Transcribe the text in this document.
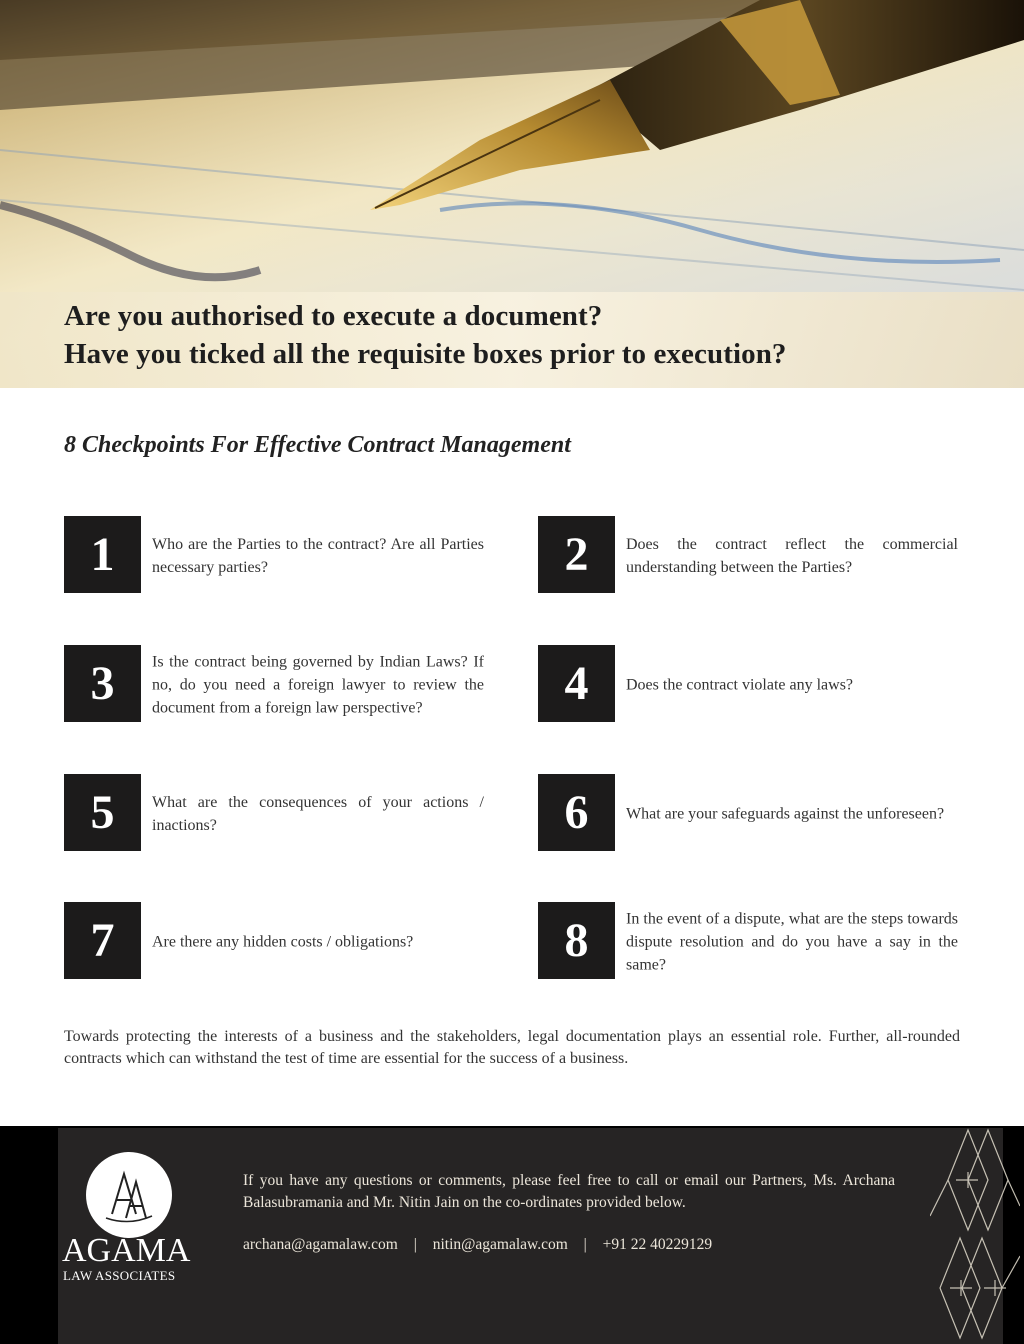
Are you authorised to execute a document?
Have you ticked all the requisite boxes prior to execution?
8 Checkpoints For Effective Contract Management
1	Who are the Parties to the contract? Are all Parties necessary parties?	2	Does the contract reflect the commercial understanding between the Parties?
3	Is the contract being governed by Indian Laws? If no, do you need a foreign lawyer to review the document from a foreign law perspective?	4	Does the contract violate any laws?
5	What are the consequences of your actions / inactions?	6	What are your safeguards against the unforeseen?
7	Are there any hidden costs / obligations?	8	In the event of a dispute, what are the steps towards dispute resolution and do you have a say in the same?
Towards protecting the interests of a business and the stakeholders, legal documentation plays an essential role. Further, all-rounded contracts which can withstand the test of time are essential for the success of a business.
AGAMA
LAW ASSOCIATES
If you have any questions or comments, please feel free to call or email our Partners, Ms. Archana Balasubramania and Mr. Nitin Jain on the co-ordinates provided below.
archana@agamalaw.com | nitin@agamalaw.com | +91 22 40229129
